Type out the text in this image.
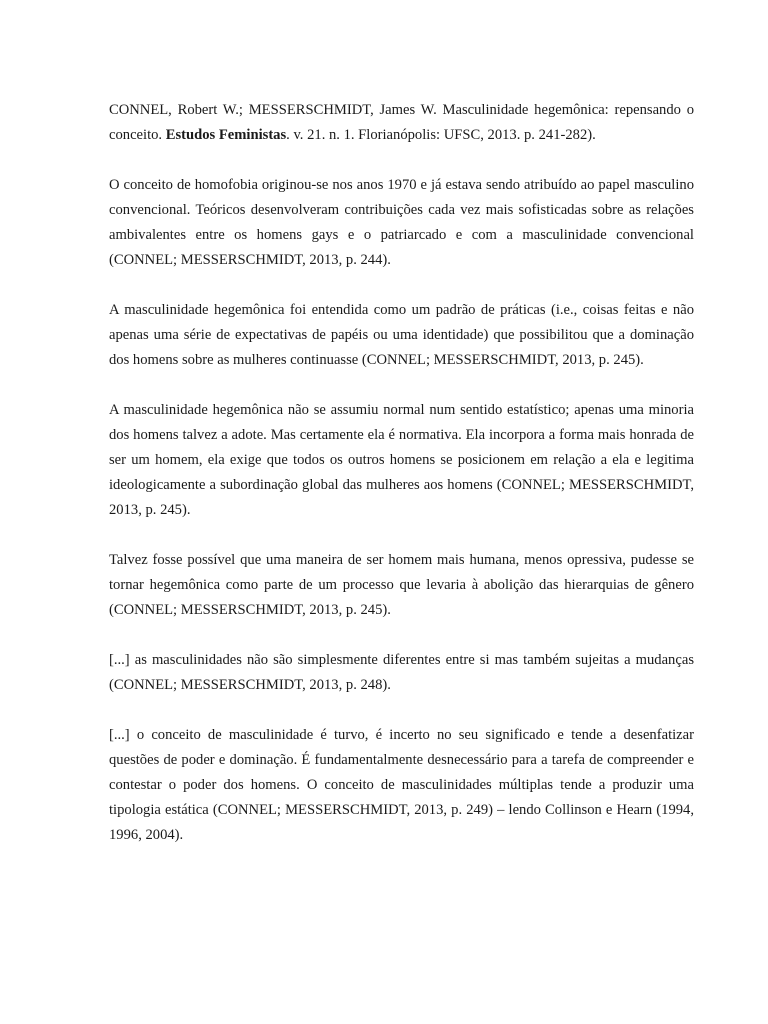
CONNEL, Robert W.; MESSERSCHMIDT, James W. Masculinidade hegemônica: repensando o conceito. Estudos Feministas. v. 21. n. 1. Florianópolis: UFSC, 2013. p. 241-282).

O conceito de homofobia originou-se nos anos 1970 e já estava sendo atribuído ao papel masculino convencional. Teóricos desenvolveram contribuições cada vez mais sofisticadas sobre as relações ambivalentes entre os homens gays e o patriarcado e com a masculinidade convencional (CONNEL; MESSERSCHMIDT, 2013, p. 244).

A masculinidade hegemônica foi entendida como um padrão de práticas (i.e., coisas feitas e não apenas uma série de expectativas de papéis ou uma identidade) que possibilitou que a dominação dos homens sobre as mulheres continuasse (CONNEL; MESSERSCHMIDT, 2013, p. 245).

A masculinidade hegemônica não se assumiu normal num sentido estatístico; apenas uma minoria dos homens talvez a adote. Mas certamente ela é normativa. Ela incorpora a forma mais honrada de ser um homem, ela exige que todos os outros homens se posicionem em relação a ela e legitima ideologicamente a subordinação global das mulheres aos homens (CONNEL; MESSERSCHMIDT, 2013, p. 245).

Talvez fosse possível que uma maneira de ser homem mais humana, menos opressiva, pudesse se tornar hegemônica como parte de um processo que levaria à abolição das hierarquias de gênero (CONNEL; MESSERSCHMIDT, 2013, p. 245).

[...] as masculinidades não são simplesmente diferentes entre si mas também sujeitas a mudanças (CONNEL; MESSERSCHMIDT, 2013, p. 248).

[...] o conceito de masculinidade é turvo, é incerto no seu significado e tende a desenfatizar questões de poder e dominação. É fundamentalmente desnecessário para a tarefa de compreender e contestar o poder dos homens. O conceito de masculinidades múltiplas tende a produzir uma tipologia estática (CONNEL; MESSERSCHMIDT, 2013, p. 249) – lendo Collinson e Hearn (1994, 1996, 2004).
